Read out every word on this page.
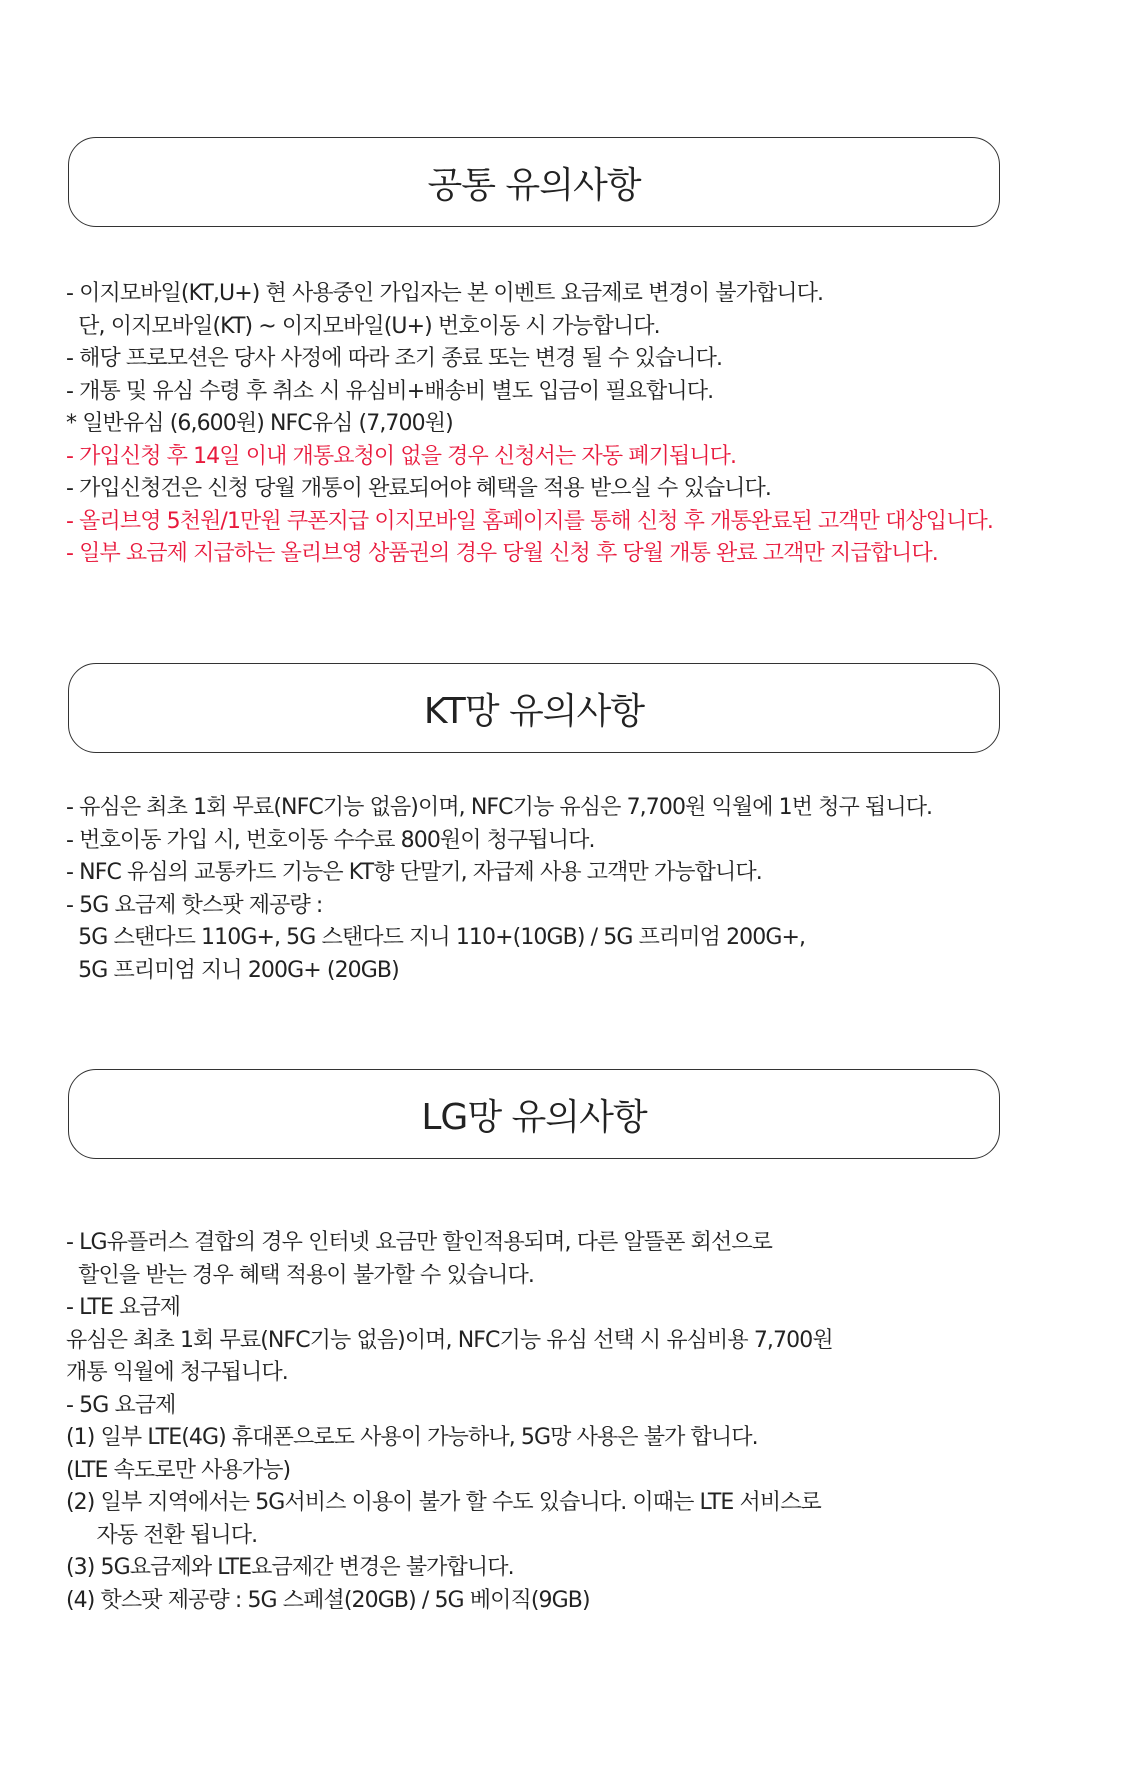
공통 유의사항
- 이지모바일(KT,U+) 현 사용중인 가입자는 본 이벤트 요금제로 변경이 불가합니다.
단, 이지모바일(KT) ~ 이지모바일(U+) 번호이동 시 가능합니다.
- 해당 프로모션은 당사 사정에 따라 조기 종료 또는 변경 될 수 있습니다.
- 개통 및 유심 수령 후 취소 시 유심비+배송비 별도 입금이 필요합니다.
* 일반유심 (6,600원) NFC유심 (7,700원)
- 가입신청 후 14일 이내 개통요청이 없을 경우 신청서는 자동 폐기됩니다.
- 가입신청건은 신청 당월 개통이 완료되어야 혜택을 적용 받으실 수 있습니다.
- 올리브영 5천원/1만원 쿠폰지급 이지모바일 홈페이지를 통해 신청 후 개통완료된 고객만 대상입니다.
- 일부 요금제 지급하는 올리브영 상품권의 경우 당월 신청 후 당월 개통 완료 고객만 지급합니다.
KT망 유의사항
- 유심은 최초 1회 무료(NFC기능 없음)이며, NFC기능 유심은 7,700원 익월에 1번 청구 됩니다.
- 번호이동 가입 시, 번호이동 수수료 800원이 청구됩니다.
- NFC 유심의 교통카드 기능은 KT향 단말기, 자급제 사용 고객만 가능합니다.
- 5G 요금제 핫스팟 제공량 :
5G 스탠다드 110G+, 5G 스탠다드 지니 110+(10GB) / 5G 프리미엄 200G+,
5G 프리미엄 지니 200G+ (20GB)
LG망 유의사항
- LG유플러스 결합의 경우 인터넷 요금만 할인적용되며, 다른 알뜰폰 회선으로
할인을 받는 경우 혜택 적용이 불가할 수 있습니다.
- LTE 요금제
유심은 최초 1회 무료(NFC기능 없음)이며, NFC기능 유심 선택 시 유심비용 7,700원
개통 익월에 청구됩니다.
- 5G 요금제
(1) 일부 LTE(4G) 휴대폰으로도 사용이 가능하나, 5G망 사용은 불가 합니다.
(LTE 속도로만 사용가능)
(2) 일부 지역에서는 5G서비스 이용이 불가 할 수도 있습니다. 이때는 LTE 서비스로
자동 전환 됩니다.
(3) 5G요금제와 LTE요금제간 변경은 불가합니다.
(4) 핫스팟 제공량 : 5G 스페셜(20GB) / 5G 베이직(9GB)
